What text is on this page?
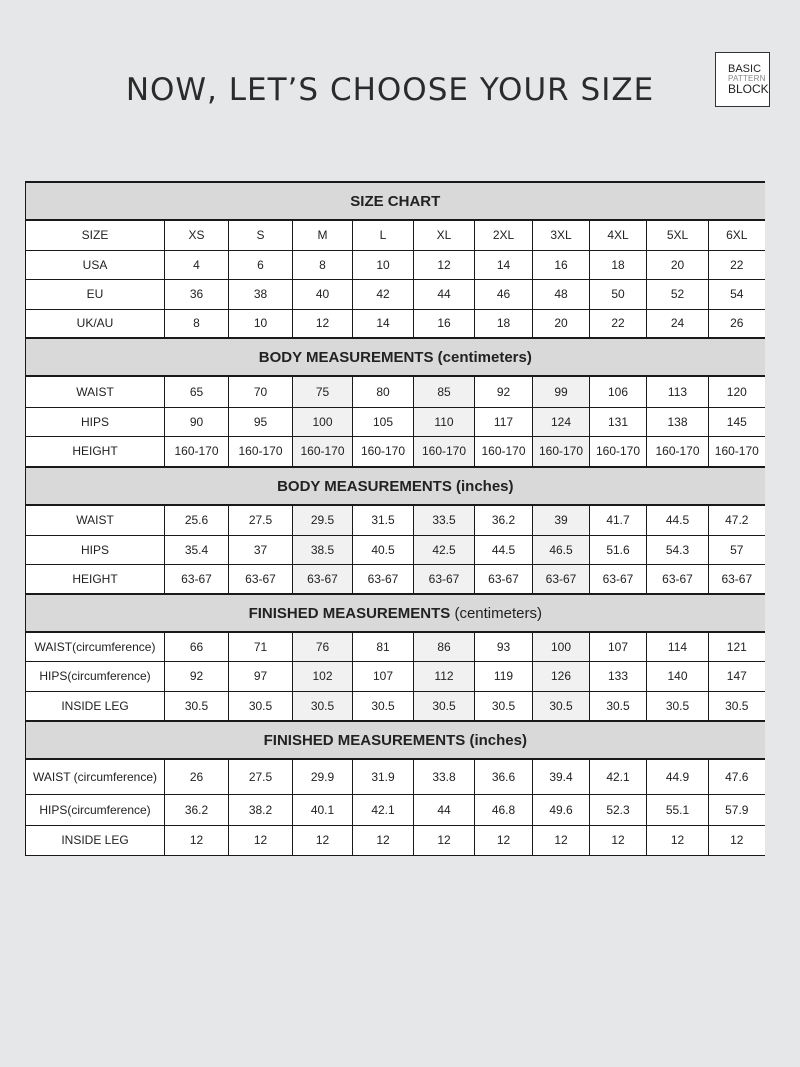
NOW, LET’S CHOOSE YOUR SIZE
BASIC
PATTERN
BLOCK
SIZE CHART										
SIZE	XS	S	M	L	XL	2XL	3XL	4XL	5XL	6XL
USA	4	6	8	10	12	14	16	18	20	22
EU	36	38	40	42	44	46	48	50	52	54
UK/AU	8	10	12	14	16	18	20	22	24	26
BODY MEASUREMENTS (centimeters)										
WAIST	65	70	75	80	85	92	99	106	113	120
HIPS	90	95	100	105	110	117	124	131	138	145
HEIGHT	160-170	160-170	160-170	160-170	160-170	160-170	160-170	160-170	160-170	160-170
BODY MEASUREMENTS (inches)										
WAIST	25.6	27.5	29.5	31.5	33.5	36.2	39	41.7	44.5	47.2
HIPS	35.4	37	38.5	40.5	42.5	44.5	46.5	51.6	54.3	57
HEIGHT	63-67	63-67	63-67	63-67	63-67	63-67	63-67	63-67	63-67	63-67
FINISHED MEASUREMENTS (centimeters)										
WAIST(circumference)	66	71	76	81	86	93	100	107	114	121
HIPS(circumference)	92	97	102	107	112	119	126	133	140	147
INSIDE LEG	30.5	30.5	30.5	30.5	30.5	30.5	30.5	30.5	30.5	30.5
FINISHED MEASUREMENTS (inches)										
WAIST (circumference)	26	27.5	29.9	31.9	33.8	36.6	39.4	42.1	44.9	47.6
HIPS(circumference)	36.2	38.2	40.1	42.1	44	46.8	49.6	52.3	55.1	57.9
INSIDE LEG	12	12	12	12	12	12	12	12	12	12
